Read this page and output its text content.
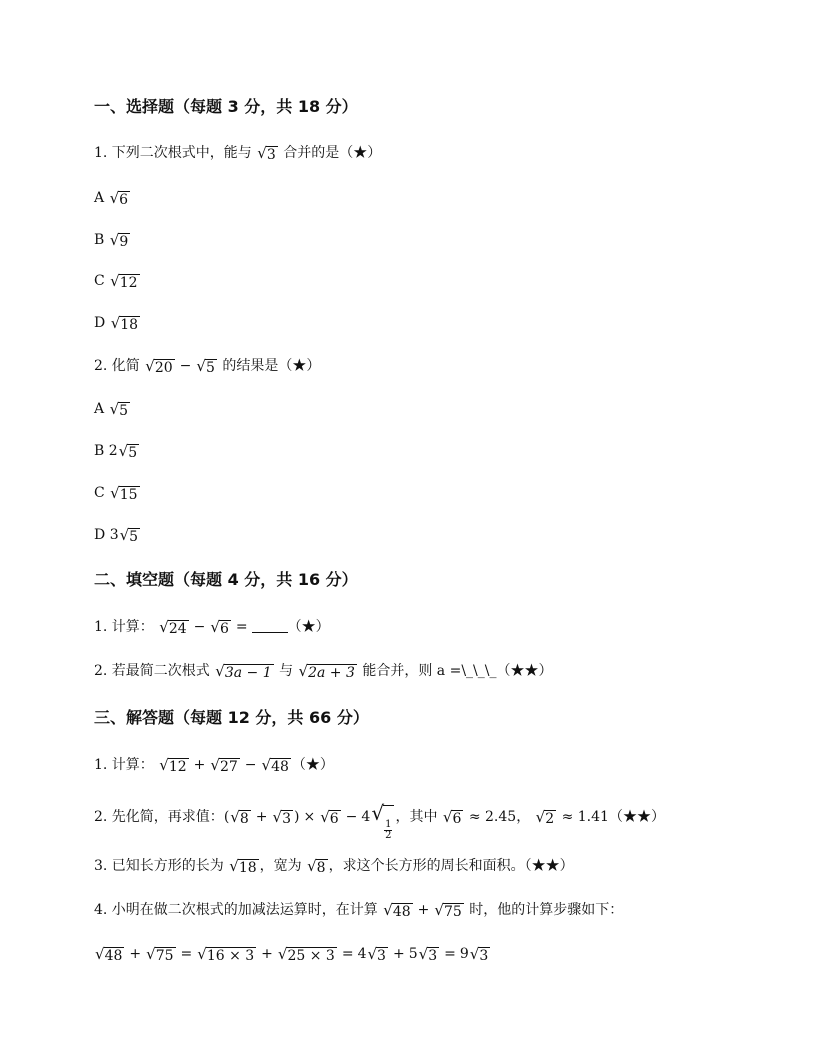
一、选择题（每题 3 分，共 18 分）
1. 下列二次根式中，能与 √ 3 合并的是（★）
A √ 6
B √ 9
C √ 12
D √ 18
2. 化简 √ 20 − √ 5 的结果是（★）
A √ 5
B 2 √ 5
C √ 15
D 3 √ 5
二、填空题（每题 4 分，共 16 分）
1. 计算： √ 24 − √ 6 =	（★）
2. 若最简二次根式 √ 3a − 1 与 √ 2a + 3 能合并，则 a =\_\_\_（★★）
三、解答题（每题 12 分，共 66 分）
1. 计算： √ 12 + √ 27 − √ 48 （★）
2. 先化简，再求值：( √ 8 + √ 3 ) × √ 6 − 4 √
$\frac{1}{2}$
，其中 √ 6 ≈ 2.45， √ 2 ≈ 1.41（★★）
3. 已知长方形的长为 √ 18 ，宽为 √ 8 ，求这个长方形的周长和面积。（★★）
4. 小明在做二次根式的加减法运算时，在计算 √ 48 + √ 75 时，他的计算步骤如下：
√ 48 + √ 75 = √ 16 × 3 + √ 25 × 3 = 4 √ 3 + 5 √ 3 = 9 √ 3
